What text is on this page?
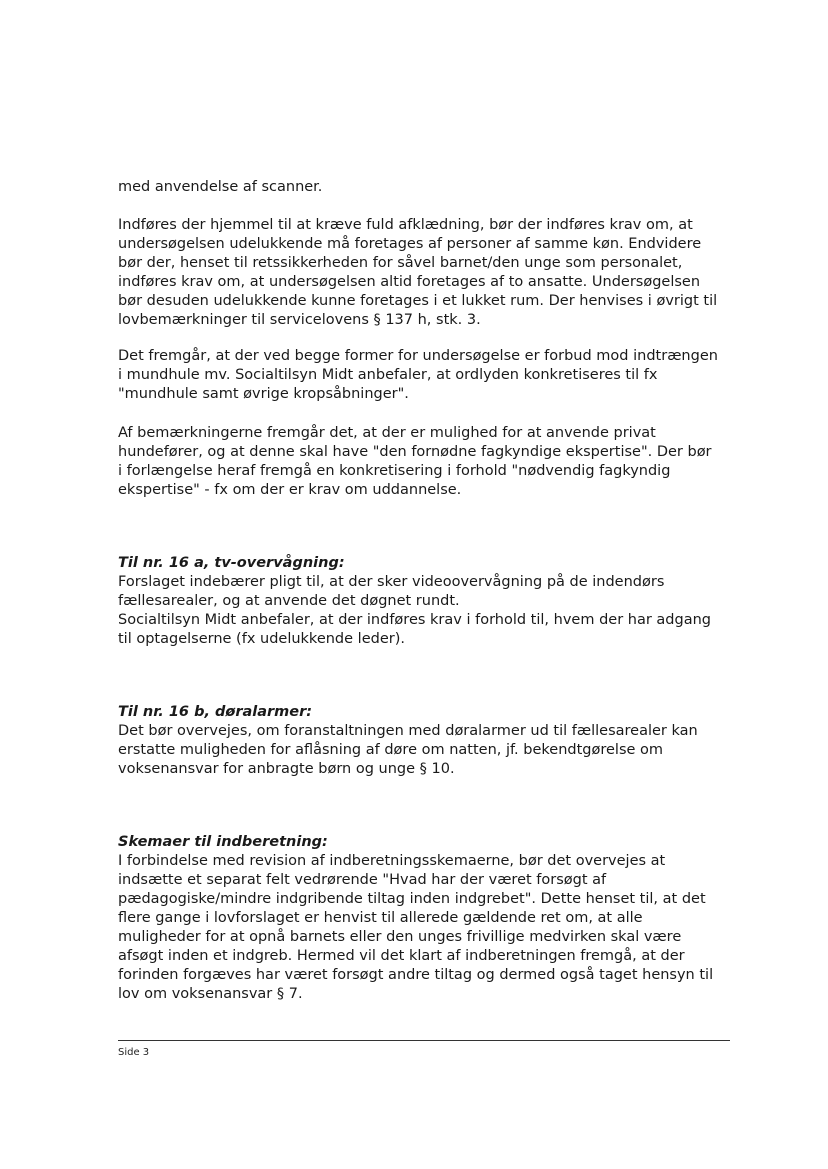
med anvendelse af scanner.
Indføres der hjemmel til at kræve fuld afklædning, bør der indføres krav om, at
undersøgelsen udelukkende må foretages af personer af samme køn. Endvidere
bør der, henset til retssikkerheden for såvel barnet/den unge som personalet,
indføres krav om, at undersøgelsen altid foretages af to ansatte. Undersøgelsen
bør desuden udelukkende kunne foretages i et lukket rum. Der henvises i øvrigt til
lovbemærkninger til servicelovens § 137 h, stk. 3.
Det fremgår, at der ved begge former for undersøgelse er forbud mod indtrængen
i mundhule mv. Socialtilsyn Midt anbefaler, at ordlyden konkretiseres til fx
"mundhule samt øvrige kropsåbninger".
Af bemærkningerne fremgår det, at der er mulighed for at anvende privat
hundefører, og at denne skal have "den fornødne fagkyndige ekspertise". Der bør
i forlængelse heraf fremgå en konkretisering i forhold "nødvendig fagkyndig
ekspertise" - fx om der er krav om uddannelse.
Til nr. 16 a, tv-overvågning:
Forslaget indebærer pligt til, at der sker videoovervågning på de indendørs
fællesarealer, og at anvende det døgnet rundt.
Socialtilsyn Midt anbefaler, at der indføres krav i forhold til, hvem der har adgang
til optagelserne (fx udelukkende leder).
Til nr. 16 b, døralarmer:
Det bør overvejes, om foranstaltningen med døralarmer ud til fællesarealer kan
erstatte muligheden for aflåsning af døre om natten, jf. bekendtgørelse om
voksenansvar for anbragte børn og unge § 10.
Skemaer til indberetning:
I forbindelse med revision af indberetningsskemaerne, bør det overvejes at
indsætte et separat felt vedrørende "Hvad har der været forsøgt af
pædagogiske/mindre indgribende tiltag inden indgrebet". Dette henset til, at det
flere gange i lovforslaget er henvist til allerede gældende ret om, at alle
muligheder for at opnå barnets eller den unges frivillige medvirken skal være
afsøgt inden et indgreb. Hermed vil det klart af indberetningen fremgå, at der
forinden forgæves har været forsøgt andre tiltag og dermed også taget hensyn til
lov om voksenansvar § 7.
Side 3
